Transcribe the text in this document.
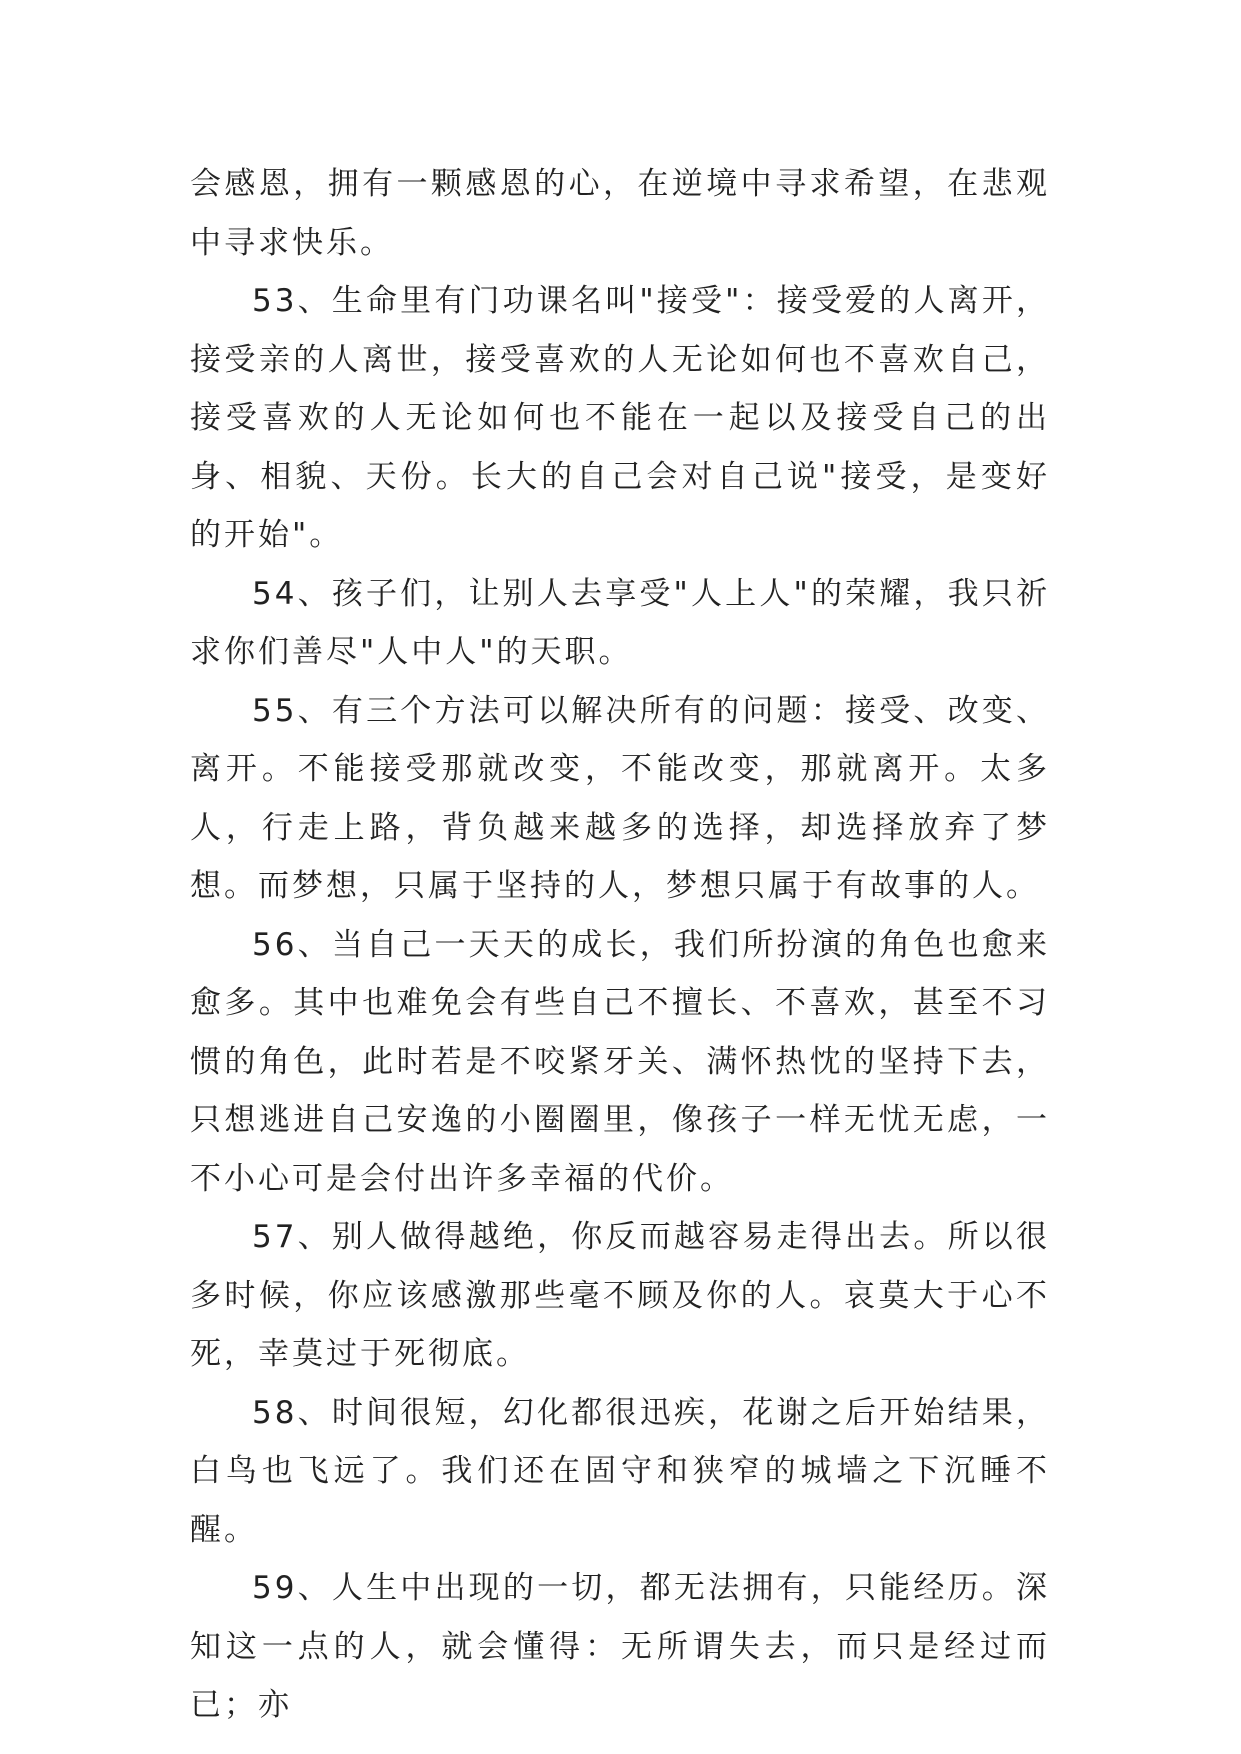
会感恩，拥有一颗感恩的心，在逆境中寻求希望，在悲观中寻求快乐。

53、生命里有门功课名叫"接受"：接受爱的人离开，接受亲的人离世，接受喜欢的人无论如何也不喜欢自己，接受喜欢的人无论如何也不能在一起以及接受自己的出身、相貌、天份。长大的自己会对自己说"接受，是变好的开始"。

54、孩子们，让别人去享受"人上人"的荣耀，我只祈求你们善尽"人中人"的天职。

55、有三个方法可以解决所有的问题：接受、改变、离开。不能接受那就改变，不能改变，那就离开。太多人，行走上路，背负越来越多的选择，却选择放弃了梦想。而梦想，只属于坚持的人，梦想只属于有故事的人。

56、当自己一天天的成长，我们所扮演的角色也愈来愈多。其中也难免会有些自己不擅长、不喜欢，甚至不习惯的角色，此时若是不咬紧牙关、满怀热忱的坚持下去，只想逃进自己安逸的小圈圈里，像孩子一样无忧无虑，一不小心可是会付出许多幸福的代价。

57、别人做得越绝，你反而越容易走得出去。所以很多时候，你应该感激那些毫不顾及你的人。哀莫大于心不死，幸莫过于死彻底。

58、时间很短，幻化都很迅疾，花谢之后开始结果，白鸟也飞远了。我们还在固守和狭窄的城墙之下沉睡不醒。

59、人生中出现的一切，都无法拥有，只能经历。深知这一点的人，就会懂得：无所谓失去，而只是经过而已；亦
